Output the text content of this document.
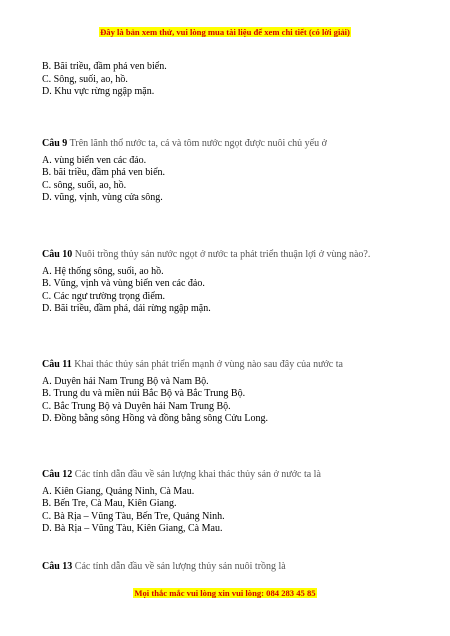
Đây là bản xem thử, vui lòng mua tài liệu để xem chi tiết (có lời giải)

B. Bãi triều, đầm phá ven biển.

C. Sông, suối, ao, hồ.

D. Khu vực rừng ngập mặn.

Câu 9 Trên lãnh thổ nước ta, cá và tôm nước ngọt được nuôi chủ yếu ở

A. vùng biển ven các đảo.

B. bãi triều, đầm phá ven biển.

C. sông, suối, ao, hồ.

D. vũng, vịnh, vùng cửa sông.

Câu 10 Nuôi trồng thủy sản nước ngọt ở nước ta phát triển thuận lợi ở vùng nào?.

A. Hệ thống sông, suối, ao hồ.

B. Vũng, vịnh và vùng biển ven các đảo.

C. Các ngư trường trọng điểm.

D. Bãi triều, đầm phá, dải rừng ngập mặn.

Câu 11 Khai thác thủy sản phát triển mạnh ở vùng nào sau đây của nước ta

A. Duyên hải Nam Trung Bộ và Nam Bộ.

B. Trung du và miền núi Bắc Bộ và Bắc Trung Bộ.

C. Bắc Trung Bộ và Duyên hải Nam Trung Bộ.

D. Đồng bằng sông Hồng và đồng bằng sông Cửu Long.

Câu 12 Các tỉnh dẫn đầu về sản lượng khai thác thủy sản ở nước ta là

A. Kiên Giang, Quảng Ninh, Cà Mau.

B. Bến Tre, Cà Mau, Kiên Giang.

C. Bà Rịa – Vũng Tàu, Bến Tre, Quảng Ninh.

D. Bà Rịa – Vũng Tàu, Kiên Giang, Cà Mau.

Câu 13 Các tỉnh dẫn đầu về sản lượng thủy sản nuôi trồng là

Mọi thắc mắc vui lòng xin vui lòng: 084 283 45 85
